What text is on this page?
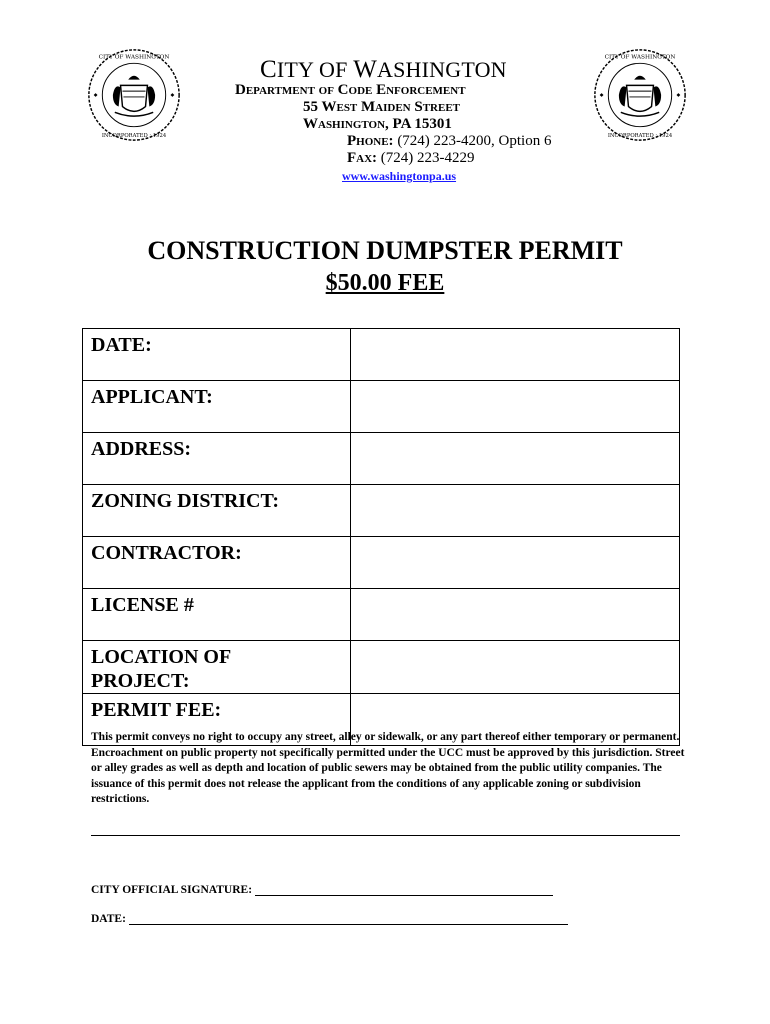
CITY OF WASHINGTON
INCORPORATED · 1924
CITY OF WASHINGTON
INCORPORATED · 1924
CITY OF WASHINGTON
Department of Code Enforcement
55 West Maiden Street
Washington, PA 15301
Phone: (724) 223-4200, Option 6
Fax: (724) 223-4229
www.washingtonpa.us
CONSTRUCTION DUMPSTER PERMIT
$50.00 FEE
DATE:	
APPLICANT:	
ADDRESS:	
ZONING DISTRICT:	
CONTRACTOR:	
LICENSE #	
LOCATION OF PROJECT:	
PERMIT FEE:	
This permit conveys no right to occupy any street, alley or sidewalk, or any part thereof either temporary or permanent. Encroachment on public property not specifically permitted under the UCC must be approved by this jurisdiction. Street or alley grades as well as depth and location of public sewers may be obtained from the public utility companies. The issuance of this permit does not release the applicant from the conditions of any applicable zoning or subdivision restrictions.
CITY OFFICIAL SIGNATURE:
DATE:
